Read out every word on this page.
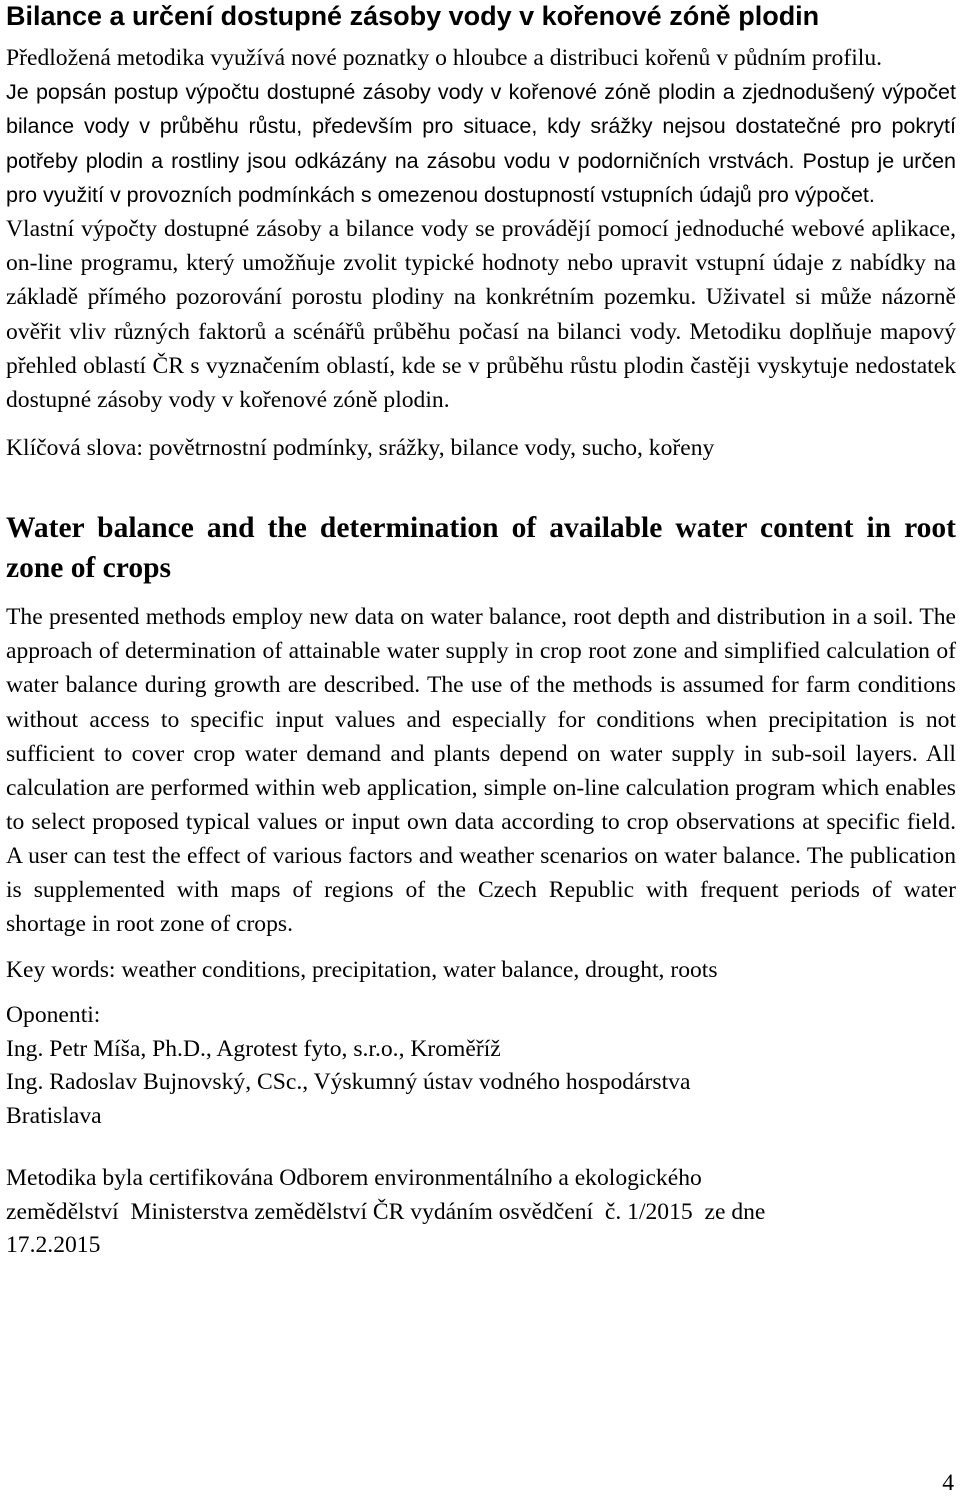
Bilance a určení dostupné zásoby vody v kořenové zóně plodin

Předložená metodika využívá nové poznatky o hloubce a distribuci kořenů v půdním profilu.

Je popsán postup výpočtu dostupné zásoby vody v kořenové zóně plodin a zjednodušený výpočet bilance vody v průběhu růstu, především pro situace, kdy srážky nejsou dostatečné pro pokrytí potřeby plodin a rostliny jsou odkázány na zásobu vodu v podorničních vrstvách. Postup je určen pro využití v provozních podmínkách s omezenou dostupností vstupních údajů pro výpočet.

Vlastní výpočty dostupné zásoby a bilance vody se provádějí pomocí jednoduché webové aplikace, on-line programu, který umožňuje zvolit typické hodnoty nebo upravit vstupní údaje z nabídky na základě přímého pozorování porostu plodiny na konkrétním pozemku. Uživatel si může názorně ověřit vliv různých faktorů a scénářů průběhu počasí na bilanci vody. Metodiku doplňuje mapový přehled oblastí ČR s vyznačením oblastí, kde se v průběhu růstu plodin častěji vyskytuje nedostatek dostupné zásoby vody v kořenové zóně plodin.

Klíčová slova: povětrnostní podmínky, srážky, bilance vody, sucho, kořeny

Water balance and the determination of available water content in root zone of crops

The presented methods employ new data on water balance, root depth and distribution in a soil. The approach of determination of attainable water supply in crop root zone and simplified calculation of water balance during growth are described. The use of the methods is assumed for farm conditions without access to specific input values and especially for conditions when precipitation is not sufficient to cover crop water demand and plants depend on water supply in sub-soil layers. All calculation are performed within web application, simple on-line calculation program which enables to select proposed typical values or input own data according to crop observations at specific field. A user can test the effect of various factors and weather scenarios on water balance. The publication is supplemented with maps of regions of the Czech Republic with frequent periods of water shortage in root zone of crops.

Key words: weather conditions, precipitation, water balance, drought, roots

Oponenti:

Ing. Petr Míša, Ph.D., Agrotest fyto, s.r.o., Kroměříž

Ing. Radoslav Bujnovský, CSc., Výskumný ústav vodného hospodárstva

Bratislava

Metodika byla certifikována Odborem environmentálního a ekologického

zemědělství  Ministerstva zemědělství ČR vydáním osvědčení  č. 1/2015  ze dne

17.2.2015

4
